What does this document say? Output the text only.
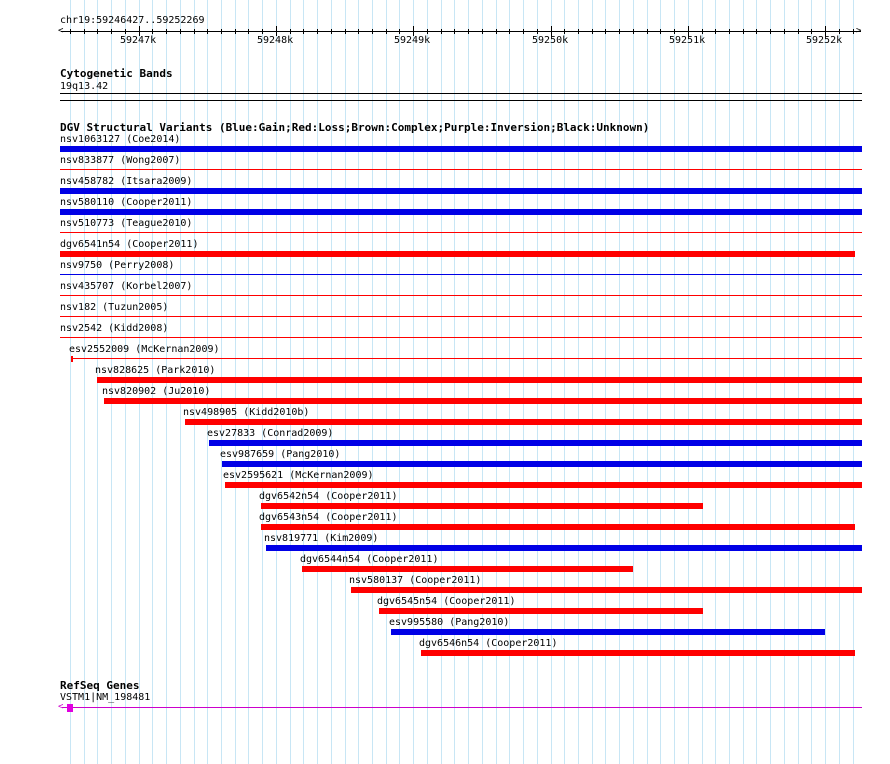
chr19:59246427..59252269
<	>
59247k	59248k	59249k	59250k	59251k	59252k
Cytogenetic Bands
19q13.42
DGV Structural Variants (Blue:Gain;Red:Loss;Brown:Complex;Purple:Inversion;Black:Unknown)
nsv1063127 (Coe2014)
nsv833877 (Wong2007)
nsv458782 (Itsara2009)
nsv580110 (Cooper2011)
nsv510773 (Teague2010)
dgv6541n54 (Cooper2011)
nsv9750 (Perry2008)
nsv435707 (Korbel2007)
nsv182 (Tuzun2005)
nsv2542 (Kidd2008)
esv2552009 (McKernan2009)
nsv828625 (Park2010)
nsv820902 (Ju2010)
nsv498905 (Kidd2010b)
esv27833 (Conrad2009)
esv987659 (Pang2010)
esv2595621 (McKernan2009)
dgv6542n54 (Cooper2011)
dgv6543n54 (Cooper2011)
nsv819771 (Kim2009)
dgv6544n54 (Cooper2011)
nsv580137 (Cooper2011)
dgv6545n54 (Cooper2011)
esv995580 (Pang2010)
dgv6546n54 (Cooper2011)
RefSeq Genes
VSTM1|NM_198481
<
